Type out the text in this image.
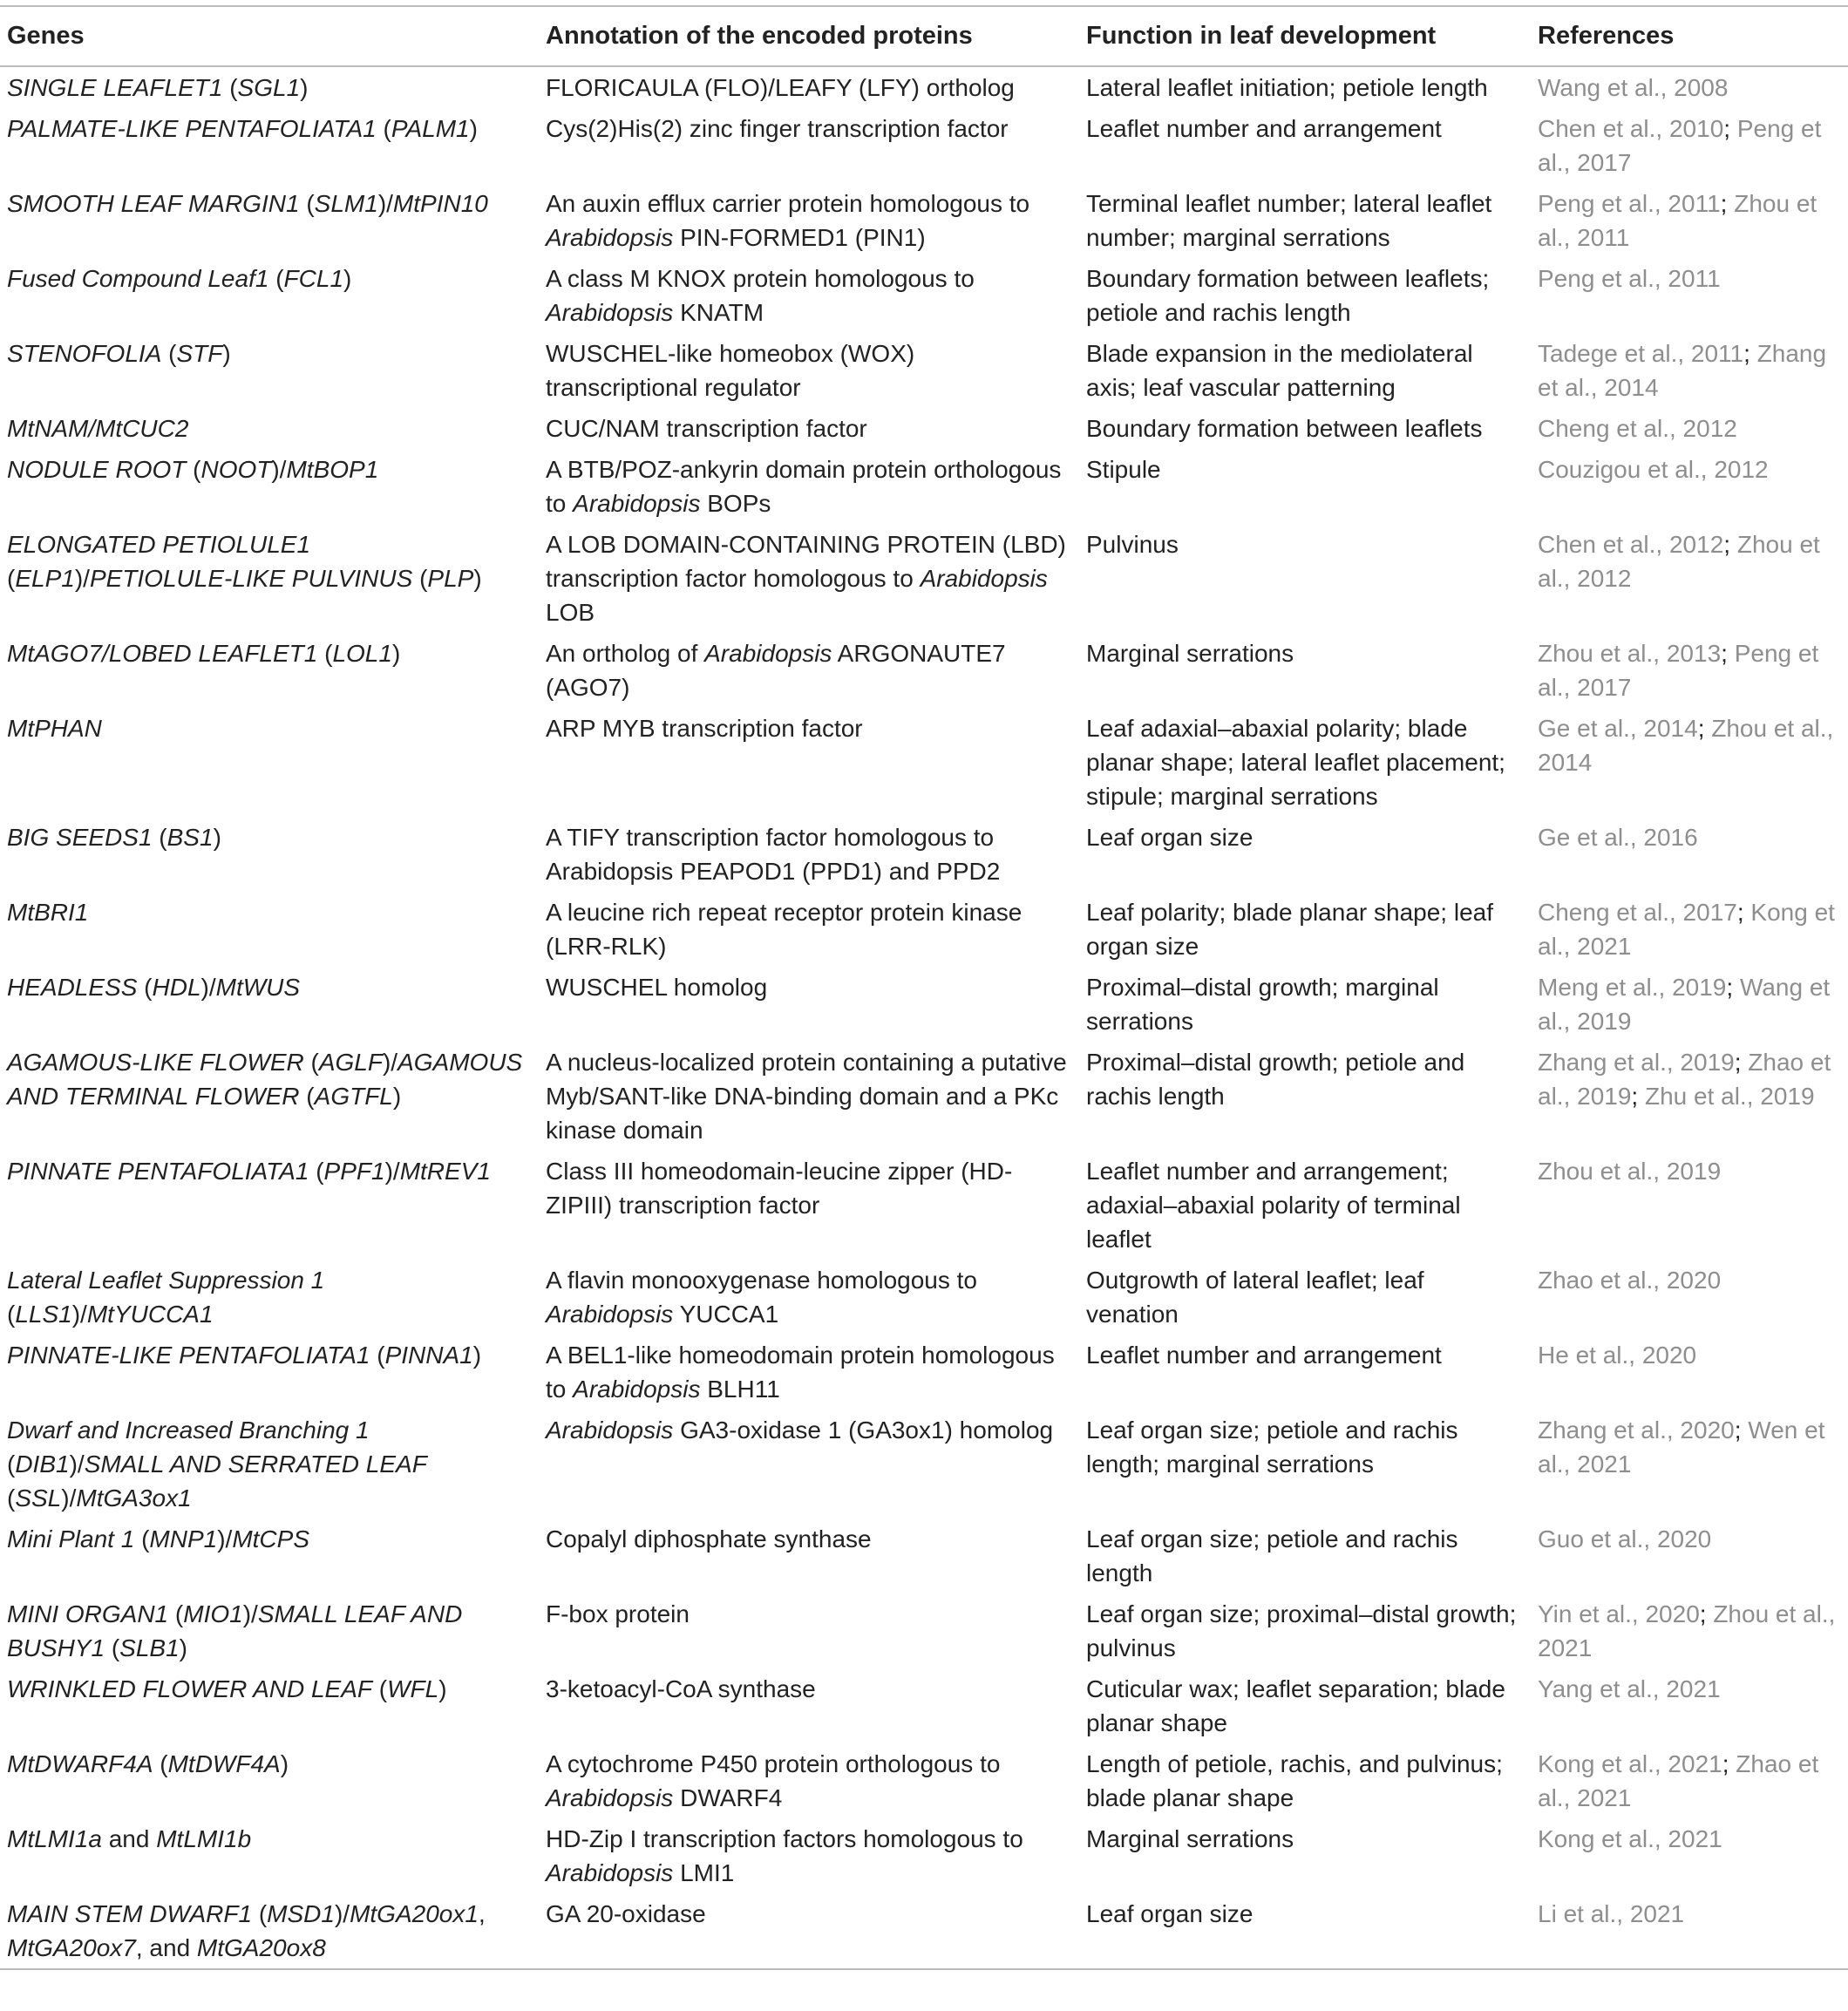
Genes	Annotation of the encoded proteins	Function in leaf development	References
SINGLE LEAFLET1 (SGL1)	FLORICAULA (FLO)/LEAFY (LFY) ortholog	Lateral leaflet initiation; petiole length	Wang et al., 2008
PALMATE-LIKE PENTAFOLIATA1 (PALM1)	Cys(2)His(2) zinc finger transcription factor	Leaflet number and arrangement	Chen et al., 2010; Peng et al., 2017
SMOOTH LEAF MARGIN1 (SLM1)/MtPIN10	An auxin efflux carrier protein homologous to Arabidopsis PIN-FORMED1 (PIN1)	Terminal leaflet number; lateral leaflet number; marginal serrations	Peng et al., 2011; Zhou et al., 2011
Fused Compound Leaf1 (FCL1)	A class M KNOX protein homologous to Arabidopsis KNATM	Boundary formation between leaflets; petiole and rachis length	Peng et al., 2011
STENOFOLIA (STF)	WUSCHEL-like homeobox (WOX) transcriptional regulator	Blade expansion in the mediolateral axis; leaf vascular patterning	Tadege et al., 2011; Zhang et al., 2014
MtNAM/MtCUC2	CUC/NAM transcription factor	Boundary formation between leaflets	Cheng et al., 2012
NODULE ROOT (NOOT)/MtBOP1	A BTB/POZ-ankyrin domain protein orthologous to Arabidopsis BOPs	Stipule	Couzigou et al., 2012
ELONGATED PETIOLULE1 (ELP1)/PETIOLULE-LIKE PULVINUS (PLP)	A LOB DOMAIN-CONTAINING PROTEIN (LBD) transcription factor homologous to Arabidopsis LOB	Pulvinus	Chen et al., 2012; Zhou et al., 2012
MtAGO7/LOBED LEAFLET1 (LOL1)	An ortholog of Arabidopsis ARGONAUTE7 (AGO7)	Marginal serrations	Zhou et al., 2013; Peng et al., 2017
MtPHAN	ARP MYB transcription factor	Leaf adaxial–abaxial polarity; blade planar shape; lateral leaflet placement; stipule; marginal serrations	Ge et al., 2014; Zhou et al., 2014
BIG SEEDS1 (BS1)	A TIFY transcription factor homologous to Arabidopsis PEAPOD1 (PPD1) and PPD2	Leaf organ size	Ge et al., 2016
MtBRI1	A leucine rich repeat receptor protein kinase (LRR-RLK)	Leaf polarity; blade planar shape; leaf organ size	Cheng et al., 2017; Kong et al., 2021
HEADLESS (HDL)/MtWUS	WUSCHEL homolog	Proximal–distal growth; marginal serrations	Meng et al., 2019; Wang et al., 2019
AGAMOUS-LIKE FLOWER (AGLF)/AGAMOUS AND TERMINAL FLOWER (AGTFL)	A nucleus-localized protein containing a putative Myb/SANT-like DNA-binding domain and a PKc kinase domain	Proximal–distal growth; petiole and rachis length	Zhang et al., 2019; Zhao et al., 2019; Zhu et al., 2019
PINNATE PENTAFOLIATA1 (PPF1)/MtREV1	Class III homeodomain-leucine zipper (HD-ZIPIII) transcription factor	Leaflet number and arrangement; adaxial–abaxial polarity of terminal leaflet	Zhou et al., 2019
Lateral Leaflet Suppression 1 (LLS1)/MtYUCCA1	A flavin monooxygenase homologous to Arabidopsis YUCCA1	Outgrowth of lateral leaflet; leaf venation	Zhao et al., 2020
PINNATE-LIKE PENTAFOLIATA1 (PINNA1)	A BEL1-like homeodomain protein homologous to Arabidopsis BLH11	Leaflet number and arrangement	He et al., 2020
Dwarf and Increased Branching 1 (DIB1)/SMALL AND SERRATED LEAF (SSL)/MtGA3ox1	Arabidopsis GA3-oxidase 1 (GA3ox1) homolog	Leaf organ size; petiole and rachis length; marginal serrations	Zhang et al., 2020; Wen et al., 2021
Mini Plant 1 (MNP1)/MtCPS	Copalyl diphosphate synthase	Leaf organ size; petiole and rachis length	Guo et al., 2020
MINI ORGAN1 (MIO1)/SMALL LEAF AND BUSHY1 (SLB1)	F-box protein	Leaf organ size; proximal–distal growth; pulvinus	Yin et al., 2020; Zhou et al., 2021
WRINKLED FLOWER AND LEAF (WFL)	3-ketoacyl-CoA synthase	Cuticular wax; leaflet separation; blade planar shape	Yang et al., 2021
MtDWARF4A (MtDWF4A)	A cytochrome P450 protein orthologous to Arabidopsis DWARF4	Length of petiole, rachis, and pulvinus; blade planar shape	Kong et al., 2021; Zhao et al., 2021
MtLMI1a and MtLMI1b	HD-Zip I transcription factors homologous to Arabidopsis LMI1	Marginal serrations	Kong et al., 2021
MAIN STEM DWARF1 (MSD1)/MtGA20ox1, MtGA20ox7, and MtGA20ox8	GA 20-oxidase	Leaf organ size	Li et al., 2021
